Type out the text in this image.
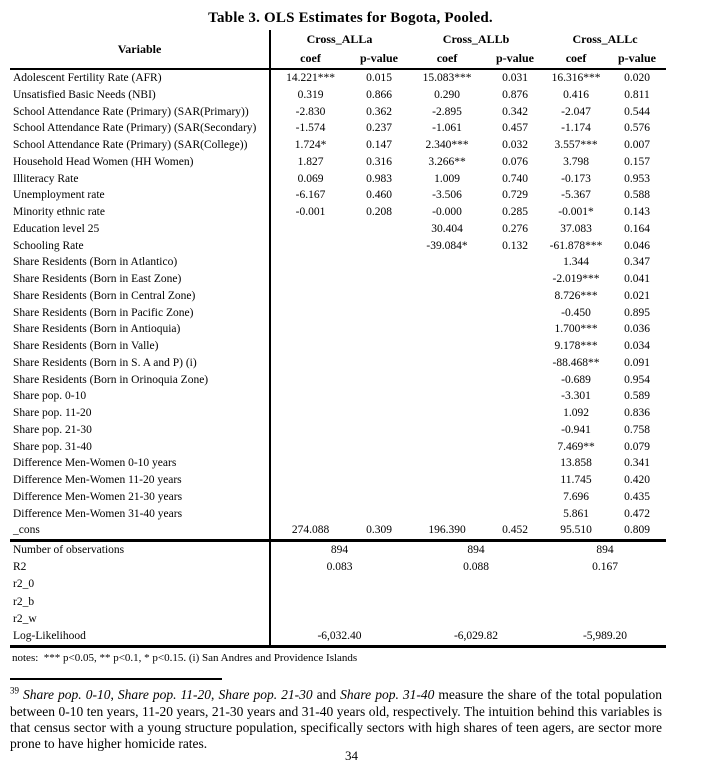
Table 3. OLS Estimates for Bogota, Pooled.
Variable	Cross_ALLa		Cross_ALLb		Cross_ALLc	
	coef	p-value	coef	p-value	coef	p-value
Adolescent Fertility Rate (AFR)	14.221***	0.015	15.083***	0.031	16.316***	0.020
Unsatisfied Basic Needs (NBI)	0.319	0.866	0.290	0.876	0.416	0.811
School Attendance Rate (Primary) (SAR(Primary))	-2.830	0.362	-2.895	0.342	-2.047	0.544
School Attendance Rate (Primary) (SAR(Secondary)	-1.574	0.237	-1.061	0.457	-1.174	0.576
School Attendance Rate (Primary) (SAR(College))	1.724*	0.147	2.340***	0.032	3.557***	0.007
Household Head Women (HH Women)	1.827	0.316	3.266**	0.076	3.798	0.157
Illiteracy Rate	0.069	0.983	1.009	0.740	-0.173	0.953
Unemployment rate	-6.167	0.460	-3.506	0.729	-5.367	0.588
Minority ethnic rate	-0.001	0.208	-0.000	0.285	-0.001*	0.143
Education level 25			30.404	0.276	37.083	0.164
Schooling Rate			-39.084*	0.132	-61.878***	0.046
Share Residents (Born in Atlantico)					1.344	0.347
Share Residents (Born in East Zone)					-2.019***	0.041
Share Residents (Born in Central Zone)					8.726***	0.021
Share Residents (Born in Pacific Zone)					-0.450	0.895
Share Residents (Born in Antioquia)					1.700***	0.036
Share Residents (Born in Valle)					9.178***	0.034
Share Residents (Born in S. A and P) (i)					-88.468**	0.091
Share Residents (Born in Orinoquia Zone)					-0.689	0.954
Share pop. 0-10					-3.301	0.589
Share pop. 11-20					1.092	0.836
Share pop. 21-30					-0.941	0.758
Share pop. 31-40					7.469**	0.079
Difference Men-Women 0-10 years					13.858	0.341
Difference Men-Women 11-20 years					11.745	0.420
Difference Men-Women 21-30 years					7.696	0.435
Difference Men-Women 31-40 years					5.861	0.472
_cons	274.088	0.309	196.390	0.452	95.510	0.809
Number of observations	894		894		894	
R2	0.083		0.088		0.167	
r2_0						
r2_b						
r2_w						
Log-Likelihood	-6,032.40		-6,029.82		-5,989.20	
notes:  *** p<0.05, ** p<0.1, * p<0.15. (i) San Andres and Providence Islands
$^{39}$ Share pop. 0-10, Share pop. 11-20, Share pop. 21-30 and Share pop. 31-40 measure the share of the total population between 0-10 ten years, 11-20 years, 21-30 years and 31-40 years old, respectively. The intuition behind this variables is that census sector with a young structure population, specifically sectors with high shares of teen agers, are sector more prone to have higher homicide rates.
34
